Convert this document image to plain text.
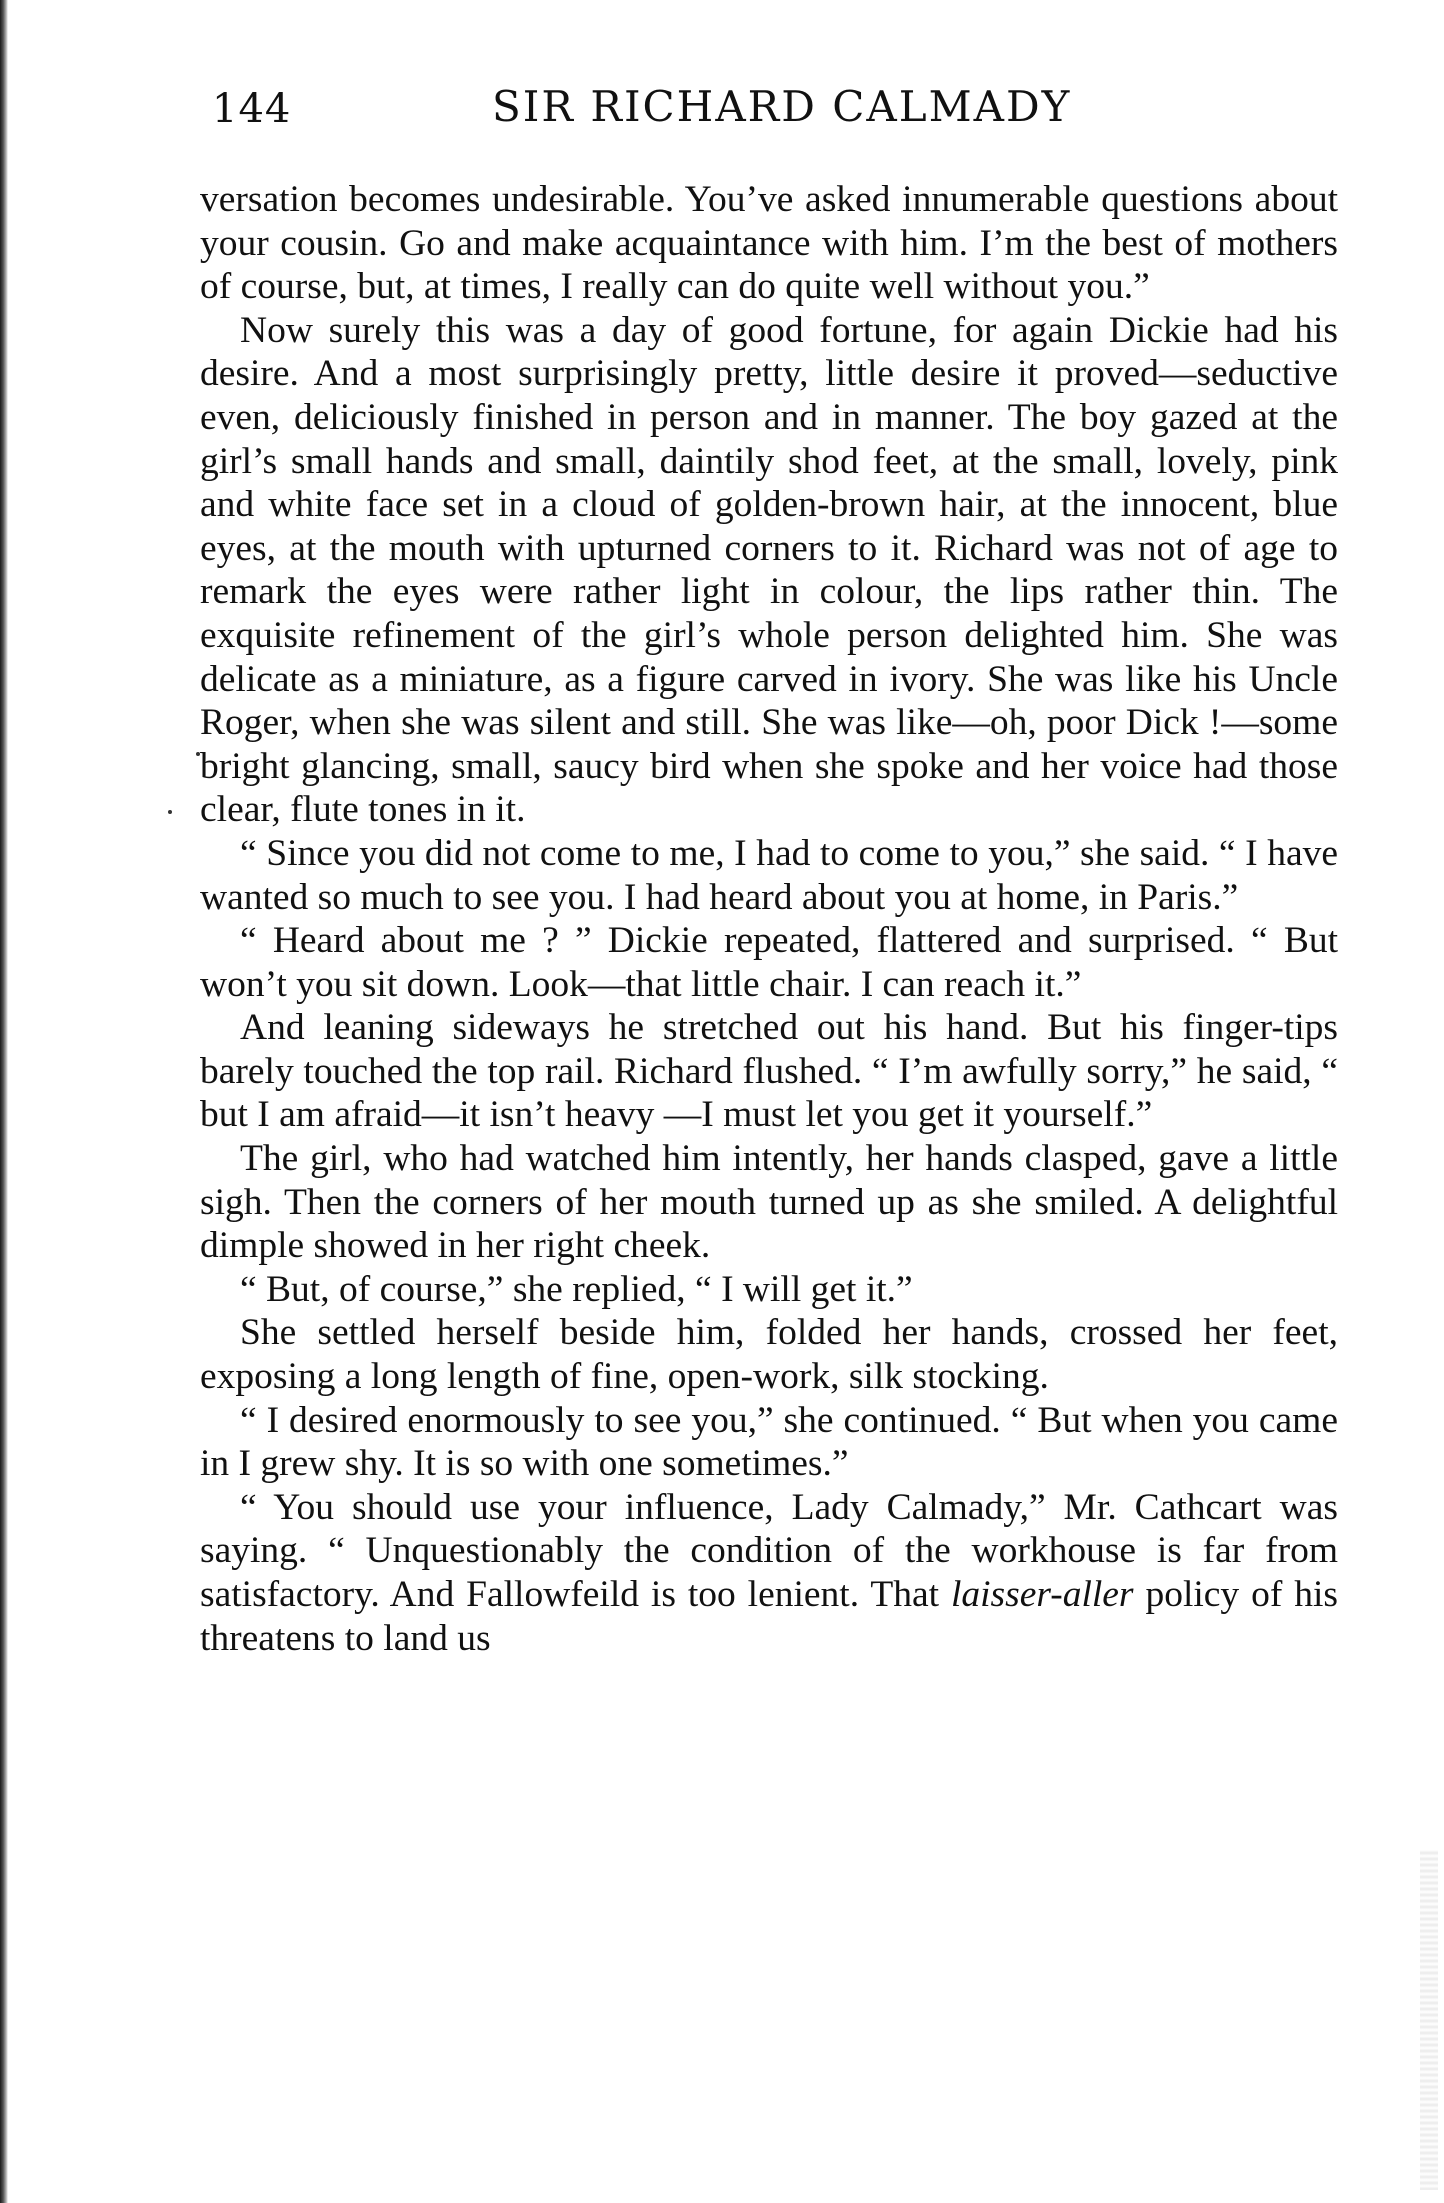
144	SIR RICHARD CALMADY

versation becomes undesirable. You’ve asked innumerable questions about your cousin. Go and make acquaintance with him. I’m the best of mothers of course, but, at times, I really can do quite well without you.”

Now surely this was a day of good fortune, for again Dickie had his desire. And a most surprisingly pretty, little desire it proved—seductive even, deliciously finished in person and in manner. The boy gazed at the girl’s small hands and small, daintily shod feet, at the small, lovely, pink and white face set in a cloud of golden-brown hair, at the innocent, blue eyes, at the mouth with upturned corners to it. Richard was not of age to remark the eyes were rather light in colour, the lips rather thin. The exquisite refinement of the girl’s whole person delighted him. She was delicate as a miniature, as a figure carved in ivory. She was like his Uncle Roger, when she was silent and still. She was like—oh, poor Dick !—some bright glancing, small, saucy bird when she spoke and her voice had those clear, flute tones in it.

“ Since you did not come to me, I had to come to you,” she said. “ I have wanted so much to see you. I had heard about you at home, in Paris.”

“ Heard about me ? ” Dickie repeated, flattered and surprised. “ But won’t you sit down. Look—that little chair. I can reach it.”

And leaning sideways he stretched out his hand. But his finger-tips barely touched the top rail. Richard flushed. “ I’m awfully sorry,” he said, “ but I am afraid—it isn’t heavy —I must let you get it yourself.”

The girl, who had watched him intently, her hands clasped, gave a little sigh. Then the corners of her mouth turned up as she smiled. A delightful dimple showed in her right cheek.

“ But, of course,” she replied, “ I will get it.”

She settled herself beside him, folded her hands, crossed her feet, exposing a long length of fine, open-work, silk stocking.

“ I desired enormously to see you,” she continued. “ But when you came in I grew shy. It is so with one sometimes.”

“ You should use your influence, Lady Calmady,” Mr. Cathcart was saying. “ Unquestionably the condition of the workhouse is far from satisfactory. And Fallowfeild is too lenient. That laisser-aller policy of his threatens to land us
